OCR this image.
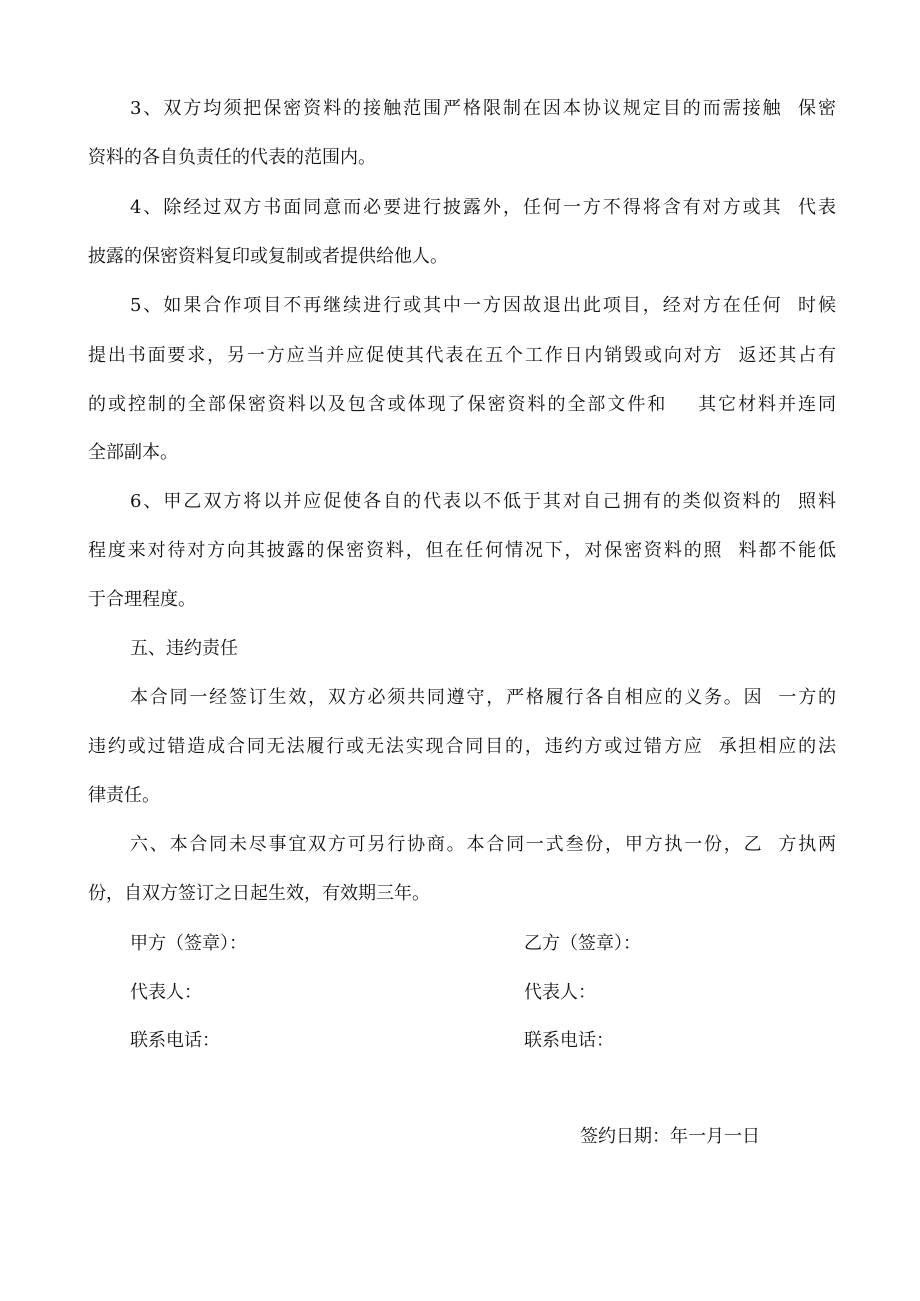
3、双方均须把保密资料的接触范围严格限制在因本协议规定目的而需接触  保密

资料的各自负责任的代表的范围内。

4、除经过双方书面同意而必要进行披露外，任何一方不得将含有对方或其  代表

披露的保密资料复印或复制或者提供给他人。

5、如果合作项目不再继续进行或其中一方因故退出此项目，经对方在任何  时候

提出书面要求，另一方应当并应促使其代表在五个工作日内销毁或向对方  返还其占有

的或控制的全部保密资料以及包含或体现了保密资料的全部文件和    其它材料并连同

全部副本。

6、甲乙双方将以并应促使各自的代表以不低于其对自己拥有的类似资料的  照料

程度来对待对方向其披露的保密资料，但在任何情况下，对保密资料的照  料都不能低

于合理程度。

五、违约责任

本合同一经签订生效，双方必须共同遵守，严格履行各自相应的义务。因  一方的

违约或过错造成合同无法履行或无法实现合同目的，违约方或过错方应  承担相应的法

律责任。

六、本合同未尽事宜双方可另行协商。本合同一式叁份，甲方执一份，乙  方执两

份，自双方签订之日起生效，有效期三年。

甲方（签章）：
代表人：
联系电话：
乙方（签章）：
代表人：
联系电话：
签约日期：年一月一日
